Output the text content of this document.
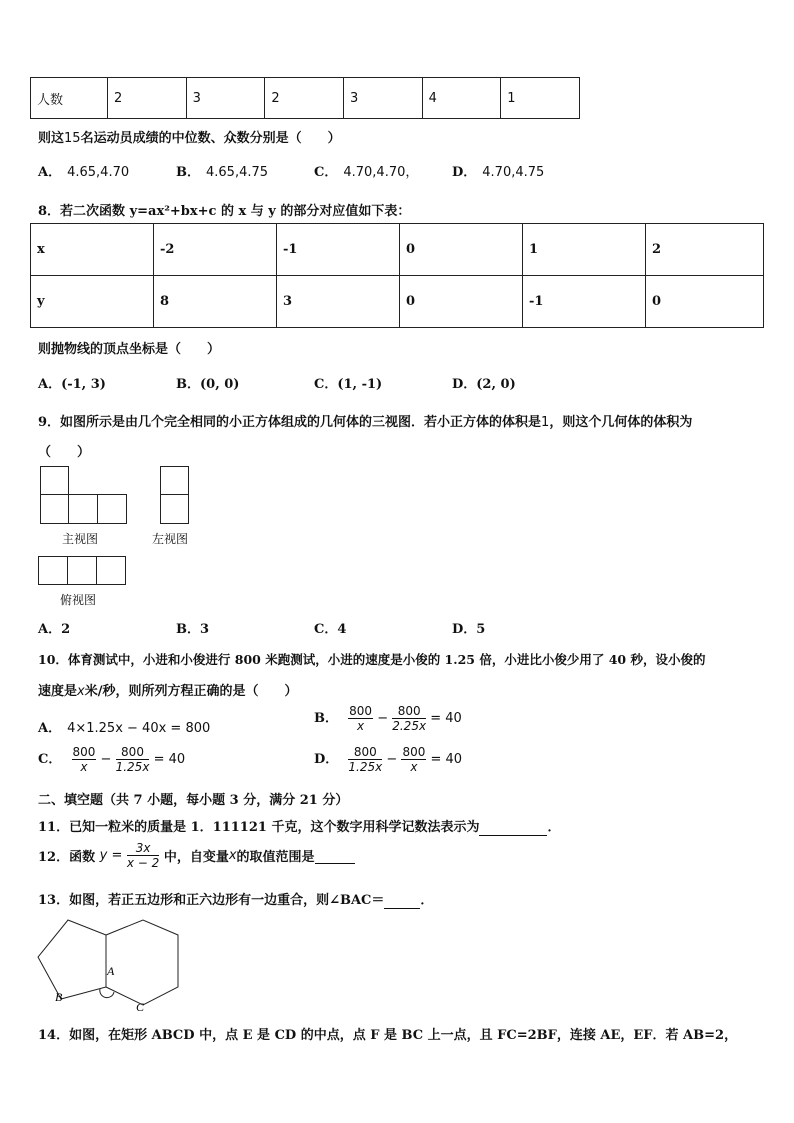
人数	2	3	2	3	4	1
则这15名运动员成绩的中位数、众数分别是（　　）
A． 4.65,4.70	B． 4.65,4.75	C． 4.70,4.70，	D． 4.70,4.75
8．若二次函数 y=ax²+bx+c 的 x 与 y 的部分对应值如下表：
x	-2	-1	0	1	2
y	8	3	0	-1	0
则抛物线的顶点坐标是（　　）
A．(-1, 3)	B．(0, 0)	C．(1, -1)	D．(2, 0)
9．如图所示是由几个完全相同的小正方体组成的几何体的三视图．若小正方体的体积是1，则这个几何体的体积为
（　　）
主视图	左视图
俯视图
A．2	B．3	C．4	D．5
10．体育测试中，小进和小俊进行 800 米跑测试，小进的速度是小俊的 1.25 倍，小进比小俊少用了 40 秒，设小俊的
速度是x米/秒，则所列方程正确的是（　　）
A． 4×1.25x − 40x = 800
B． $\frac{800}{x} - \frac{800}{2.25x} = 40$
C． $\frac{800}{x} - \frac{800}{1.25x} = 40$	D． $\frac{800}{1.25x} - \frac{800}{x} = 40$
二、填空题（共 7 小题，每小题 3 分，满分 21 分）
11．已知一粒米的质量是 1．111121 千克，这个数字用科学记数法表示为	．
12．函数 $y = \frac{3x}{x - 2}$ 中，自变量x的取值范围是
13．如图，若正五边形和正六边形有一边重合，则∠BAC＝	．
A
B
C
14．如图，在矩形 ABCD 中，点 E 是 CD 的中点，点 F 是 BC 上一点，且 FC=2BF，连接 AE，EF．若 AB=2，
